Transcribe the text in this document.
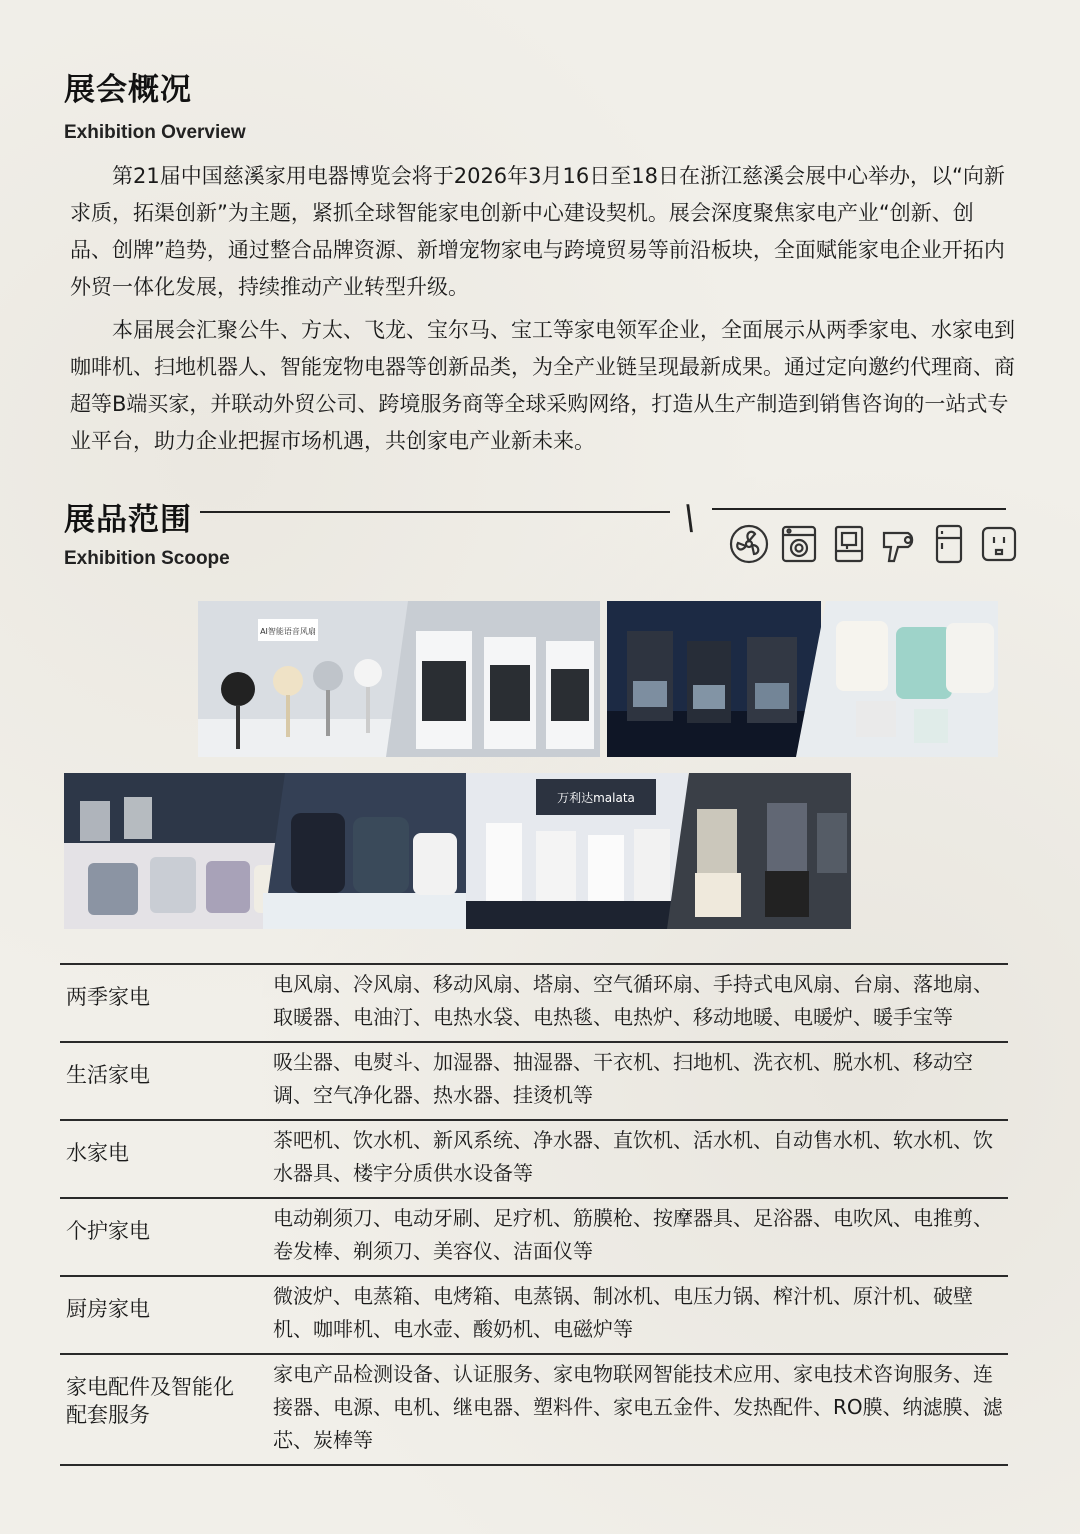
展会概况
Exhibition Overview

第21届中国慈溪家用电器博览会将于2026年3月16日至18日在浙江慈溪会展中心举办，以“向新求质，拓渠创新”为主题，紧抓全球智能家电创新中心建设契机。展会深度聚焦家电产业“创新、创品、创牌”趋势，通过整合品牌资源、新增宠物家电与跨境贸易等前沿板块，全面赋能家电企业开拓内外贸一体化发展，持续推动产业转型升级。

本届展会汇聚公牛、方太、飞龙、宝尔马、宝工等家电领军企业，全面展示从两季家电、水家电到咖啡机、扫地机器人、智能宠物电器等创新品类，为全产业链呈现最新成果。通过定向邀约代理商、商超等B端买家，并联动外贸公司、跨境服务商等全球采购网络，打造从生产制造到销售咨询的一站式专业平台，助力企业把握市场机遇，共创家电产业新未来。

展品范围
Exhibition Scoope
\
AI智能语音风扇
万利达malata
两季家电	电风扇、冷风扇、移动风扇、塔扇、空气循环扇、手持式电风扇、台扇、落地扇、取暖器、电油汀、电热水袋、电热毯、电热炉、移动地暖、电暖炉、暖手宝等
生活家电	吸尘器、电熨斗、加湿器、抽湿器、干衣机、扫地机、洗衣机、脱水机、移动空调、空气净化器、热水器、挂烫机等
水家电	茶吧机、饮水机、新风系统、净水器、直饮机、活水机、自动售水机、软水机、饮水器具、楼宇分质供水设备等
个护家电	电动剃须刀、电动牙刷、足疗机、筋膜枪、按摩器具、足浴器、电吹风、电推剪、卷发棒、剃须刀、美容仪、洁面仪等
厨房家电	微波炉、电蒸箱、电烤箱、电蒸锅、制冰机、电压力锅、榨汁机、原汁机、破壁机、咖啡机、电水壶、酸奶机、电磁炉等
家电配件及智能化配套服务	家电产品检测设备、认证服务、家电物联网智能技术应用、家电技术咨询服务、连接器、电源、电机、继电器、塑料件、家电五金件、发热配件、RO膜、纳滤膜、滤芯、炭棒等
